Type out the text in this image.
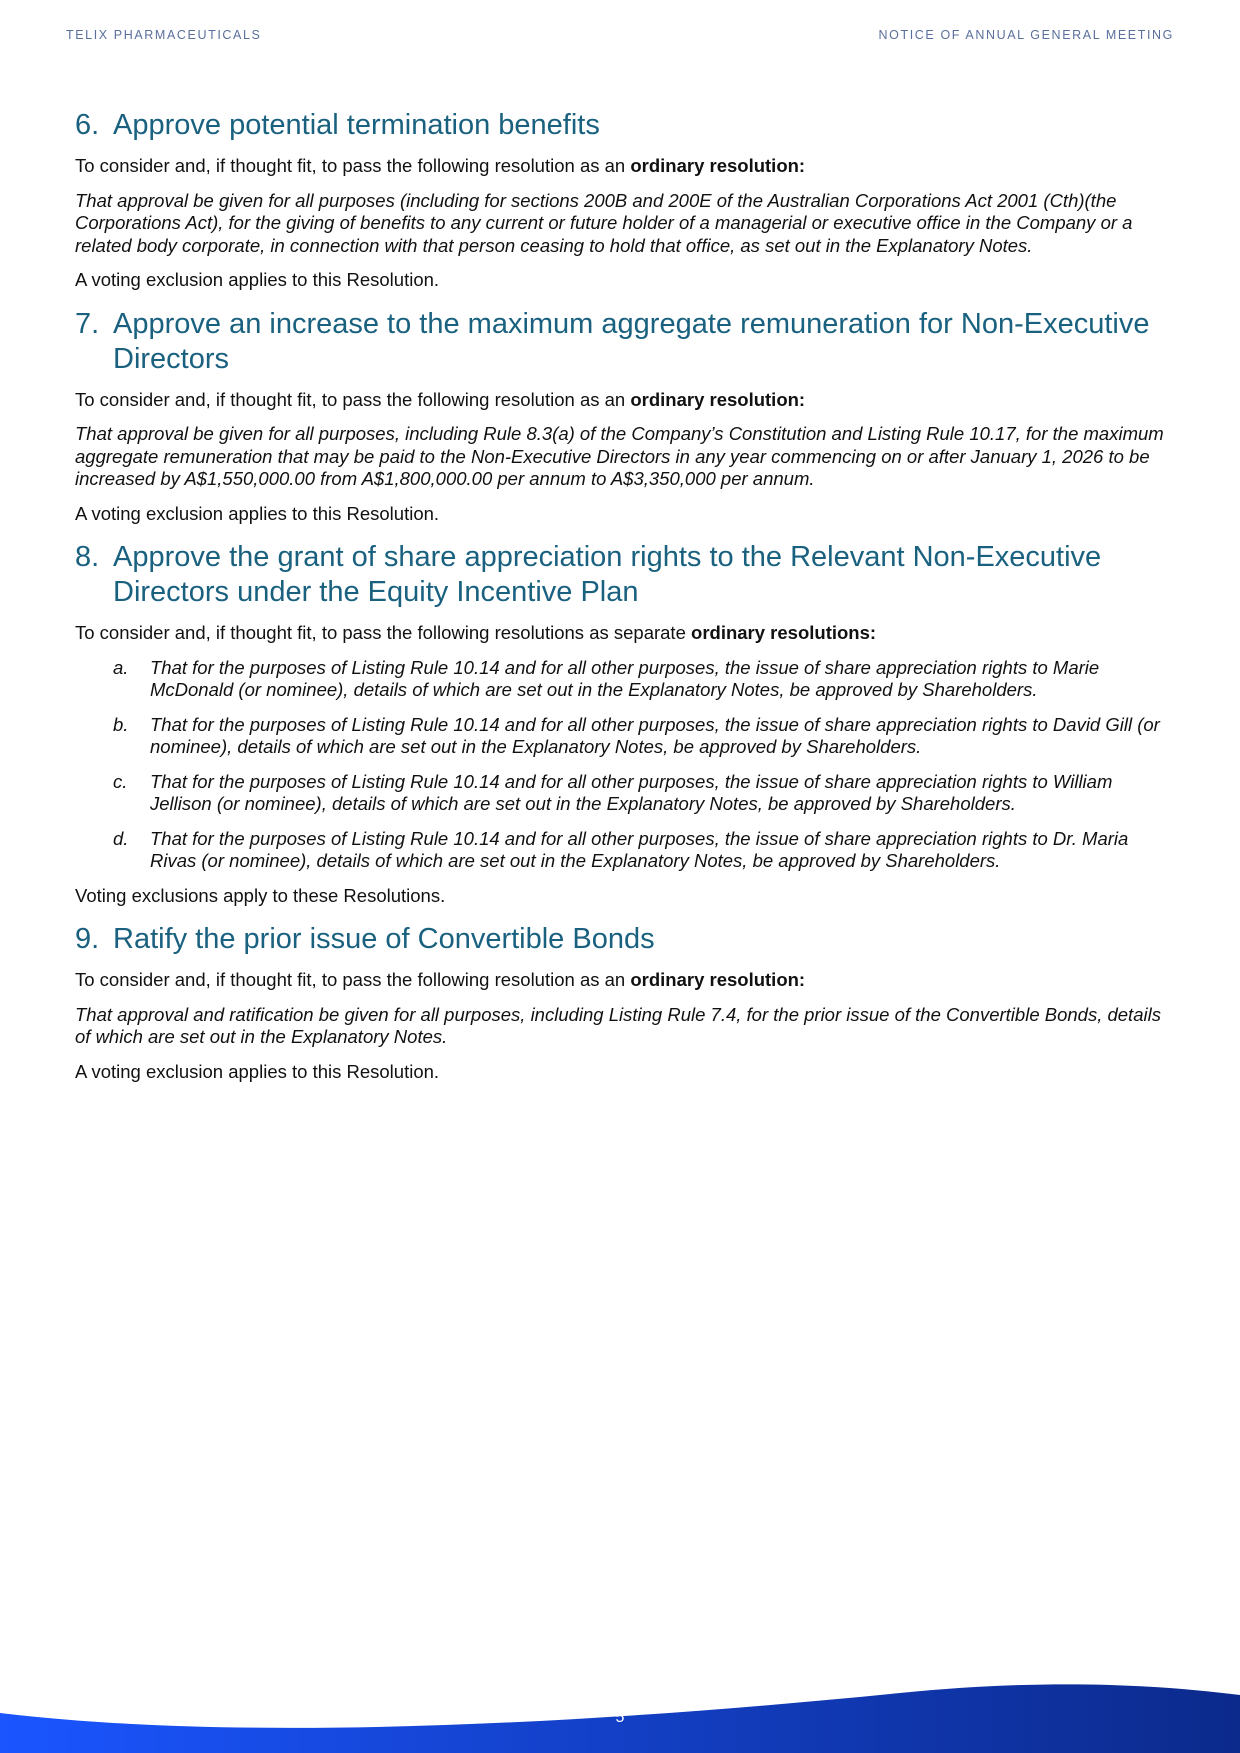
TELIX PHARMACEUTICALS	NOTICE OF ANNUAL GENERAL MEETING
6. Approve potential termination benefits

To consider and, if thought fit, to pass the following resolution as an ordinary resolution:

That approval be given for all purposes (including for sections 200B and 200E of the Australian Corporations Act 2001 (Cth)(the Corporations Act), for the giving of benefits to any current or future holder of a managerial or executive office in the Company or a related body corporate, in connection with that person ceasing to hold that office, as set out in the Explanatory Notes.

A voting exclusion applies to this Resolution.

7. Approve an increase to the maximum aggregate remuneration for Non-Executive Directors

To consider and, if thought fit, to pass the following resolution as an ordinary resolution:

That approval be given for all purposes, including Rule 8.3(a) of the Company’s Constitution and Listing Rule 10.17, for the maximum aggregate remuneration that may be paid to the Non-Executive Directors in any year commencing on or after January 1, 2026 to be increased by A$1,550,000.00 from A$1,800,000.00 per annum to A$3,350,000 per annum.

A voting exclusion applies to this Resolution.

8. Approve the grant of share appreciation rights to the Relevant Non-Executive Directors under the Equity Incentive Plan

To consider and, if thought fit, to pass the following resolutions as separate ordinary resolutions:

a.	That for the purposes of Listing Rule 10.14 and for all other purposes, the issue of share appreciation rights to Marie McDonald (or nominee), details of which are set out in the Explanatory Notes, be approved by Shareholders.
b.	That for the purposes of Listing Rule 10.14 and for all other purposes, the issue of share appreciation rights to David Gill (or nominee), details of which are set out in the Explanatory Notes, be approved by Shareholders.
c.	That for the purposes of Listing Rule 10.14 and for all other purposes, the issue of share appreciation rights to William Jellison (or nominee), details of which are set out in the Explanatory Notes, be approved by Shareholders.
d.	That for the purposes of Listing Rule 10.14 and for all other purposes, the issue of share appreciation rights to Dr. Maria Rivas (or nominee), details of which are set out in the Explanatory Notes, be approved by Shareholders.

Voting exclusions apply to these Resolutions.

9. Ratify the prior issue of Convertible Bonds

To consider and, if thought fit, to pass the following resolution as an ordinary resolution:

That approval and ratification be given for all purposes, including Listing Rule 7.4, for the prior issue of the Convertible Bonds, details of which are set out in the Explanatory Notes.

A voting exclusion applies to this Resolution.

5
